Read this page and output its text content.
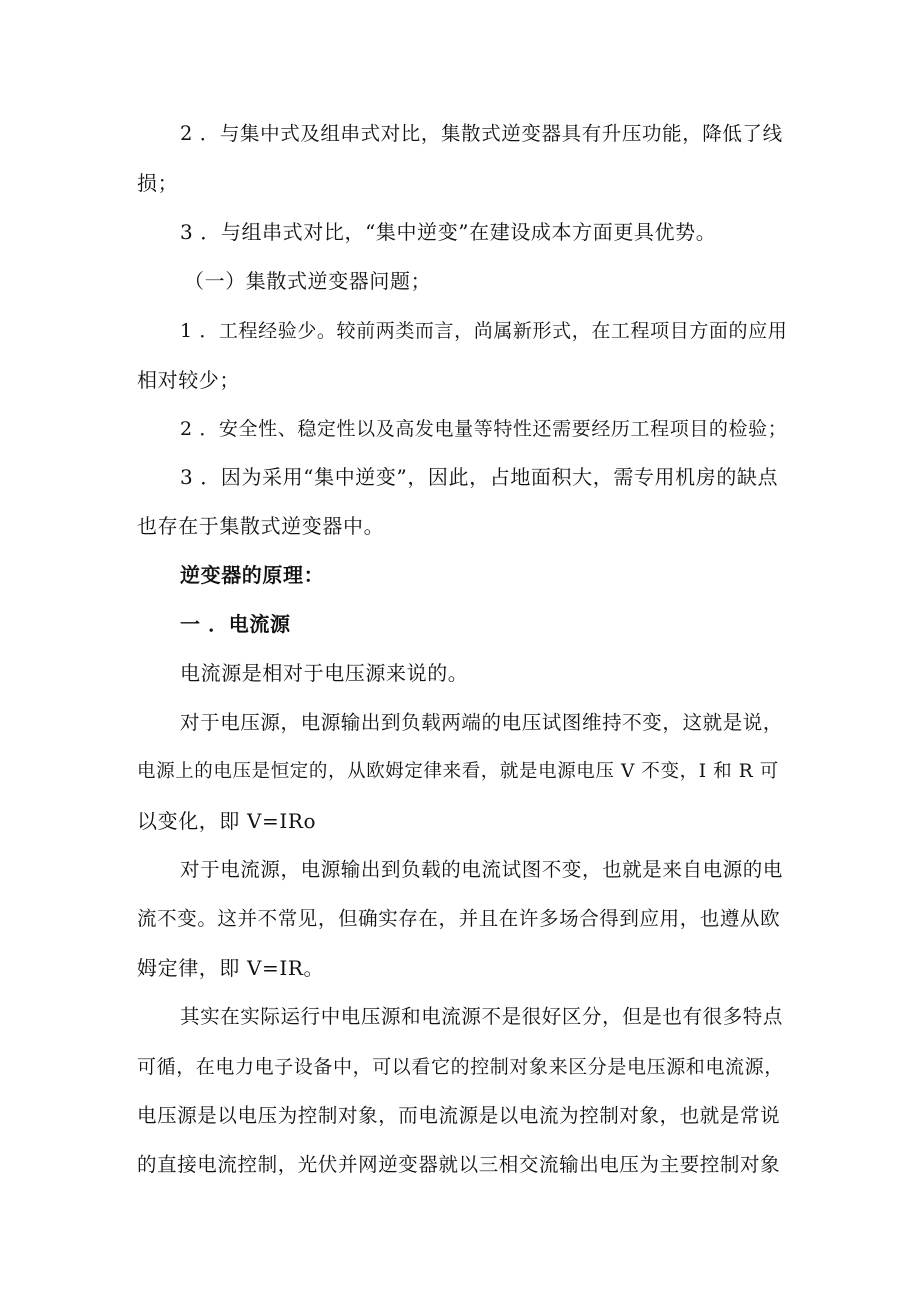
2 ．与集中式及组串式对比，集散式逆变器具有升压功能，降低了线
损；
3 ．与组串式对比，“集中逆变”在建设成本方面更具优势。
（一）集散式逆变器问题；
1 ．工程经验少。较前两类而言，尚属新形式，在工程项目方面的应用
相对较少；
2 ．安全性、稳定性以及高发电量等特性还需要经历工程项目的检验；
3 ．因为采用“集中逆变”，因此，占地面积大，需专用机房的缺点
也存在于集散式逆变器中。
逆变器的原理：
一 ．电流源
电流源是相对于电压源来说的。
对于电压源，电源输出到负载两端的电压试图维持不变，这就是说，
电源上的电压是恒定的，从欧姆定律来看，就是电源电压 V 不变，I 和 R 可
以变化，即 V=IRo
对于电流源，电源输出到负载的电流试图不变，也就是来自电源的电
流不变。这并不常见，但确实存在，并且在许多场合得到应用，也遵从欧
姆定律，即 V=IR。
其实在实际运行中电压源和电流源不是很好区分，但是也有很多特点
可循，在电力电子设备中，可以看它的控制对象来区分是电压源和电流源，
电压源是以电压为控制对象，而电流源是以电流为控制对象，也就是常说
的直接电流控制，光伏并网逆变器就以三相交流输出电压为主要控制对象
